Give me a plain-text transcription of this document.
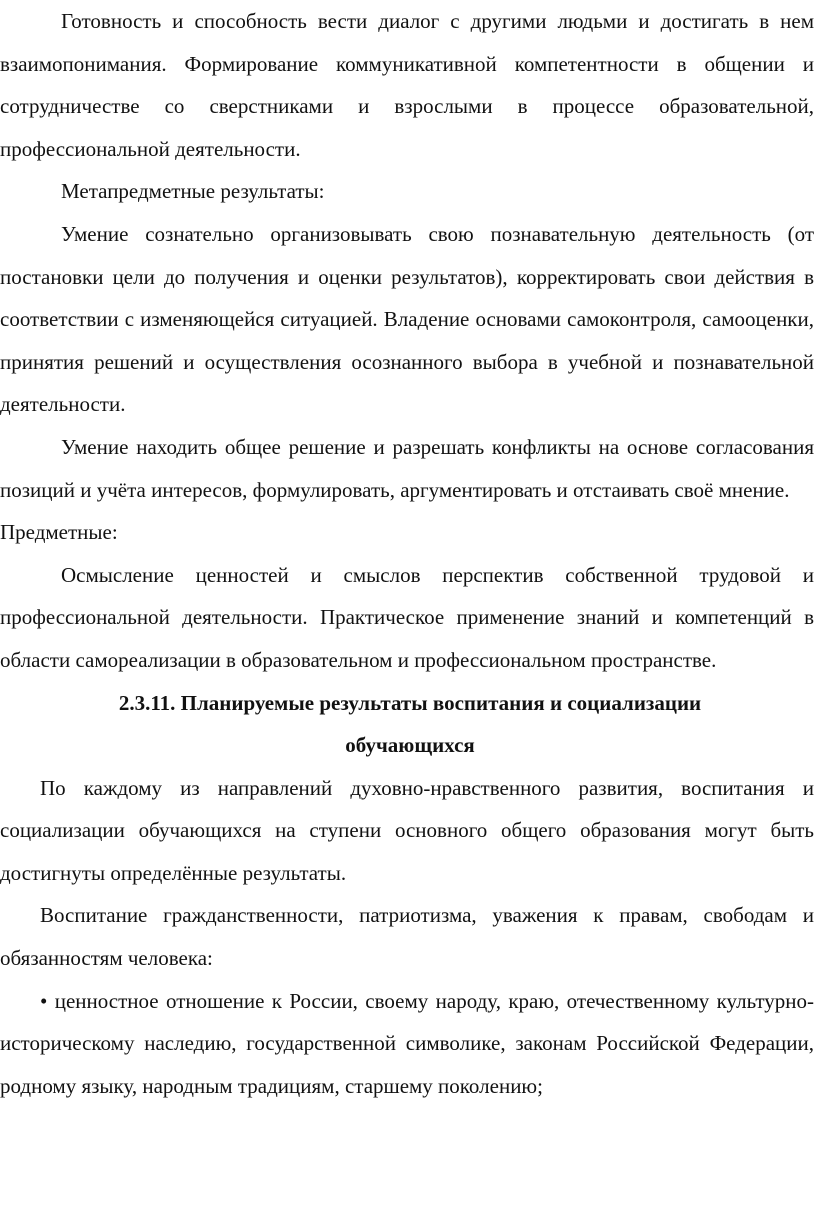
Готовность и способность вести диалог с другими людьми и достигать в нем взаимопонимания. Формирование коммуникативной компетентности в общении и сотрудничестве со сверстниками и взрослыми в процессе образовательной, профессиональной деятельности.

Метапредметные результаты:

Умение сознательно организовывать свою познавательную деятельность (от постановки цели до получения и оценки результатов), корректировать свои действия в соответствии с изменяющейся ситуацией. Владение основами самоконтроля, самооценки, принятия решений и осуществления осознанного выбора в учебной и познавательной деятельности.

Умение находить общее решение и разрешать конфликты на основе согласования позиций и учёта интересов, формулировать, аргументировать и отстаивать своё мнение.

Предметные:

Осмысление ценностей и смыслов перспектив собственной трудовой и профессиональной деятельности. Практическое применение знаний и компетенций в области самореализации в образовательном и профессиональном пространстве.

2.3.11. Планируемые результаты воспитания и социализации обучающихся

По каждому из направлений духовно-нравственного развития, воспитания и социализации обучающихся на ступени основного общего образования могут быть достигнуты определённые результаты.

Воспитание гражданственности, патриотизма, уважения к правам, свободам и обязанностям человека:

• ценностное отношение к России, своему народу, краю, отечественному культурно-историческому наследию, государственной символике, законам Российской Федерации, родному языку, народным традициям, старшему поколению;
